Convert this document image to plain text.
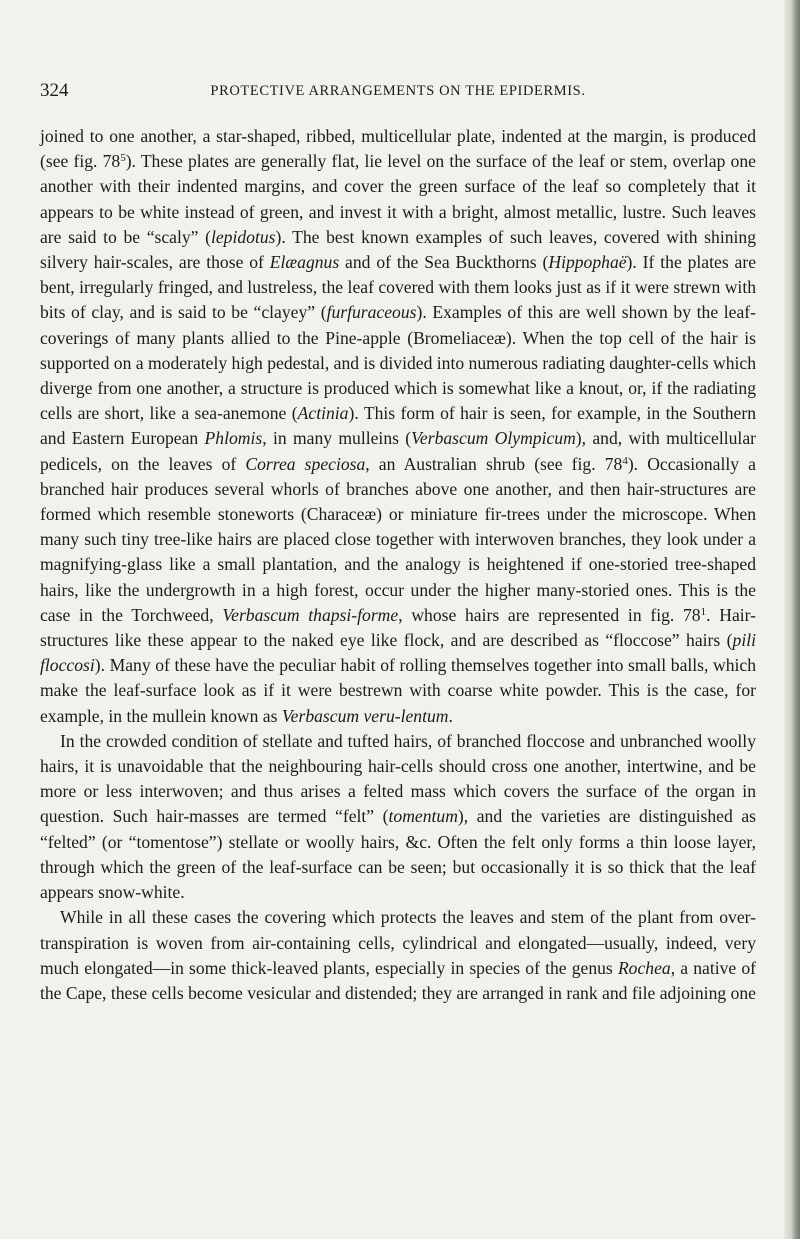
324	PROTECTIVE ARRANGEMENTS ON THE EPIDERMIS.

joined to one another, a star-shaped, ribbed, multicellular plate, indented at the margin, is produced (see fig. $78^5$). These plates are generally flat, lie level on the surface of the leaf or stem, overlap one another with their indented margins, and cover the green surface of the leaf so completely that it appears to be white instead of green, and invest it with a bright, almost metallic, lustre. Such leaves are said to be “scaly” (lepidotus). The best known examples of such leaves, covered with shining silvery hair-scales, are those of Elæagnus and of the Sea Buckthorns (Hippophaë). If the plates are bent, irregularly fringed, and lustreless, the leaf covered with them looks just as if it were strewn with bits of clay, and is said to be “clayey” (furfuraceous). Examples of this are well shown by the leaf-coverings of many plants allied to the Pine-apple (Bromeliaceæ). When the top cell of the hair is supported on a moderately high pedestal, and is divided into numerous radiating daughter-cells which diverge from one another, a structure is produced which is somewhat like a knout, or, if the radiating cells are short, like a sea-anemone (Actinia). This form of hair is seen, for example, in the Southern and Eastern European Phlomis, in many mulleins (Verbascum Olympicum), and, with multicellular pedicels, on the leaves of Correa speciosa, an Australian shrub (see fig. $78^4$). Occasionally a branched hair produces several whorls of branches above one another, and then hair-structures are formed which resemble stoneworts (Characeæ) or miniature fir-trees under the microscope. When many such tiny tree-like hairs are placed close together with interwoven branches, they look under a magnifying-glass like a small plantation, and the analogy is heightened if one-storied tree-shaped hairs, like the undergrowth in a high forest, occur under the higher many-storied ones. This is the case in the Torchweed, Verbascum thapsi-forme, whose hairs are represented in fig. $78^1$. Hair-structures like these appear to the naked eye like flock, and are described as “floccose” hairs (pili floccosi). Many of these have the peculiar habit of rolling themselves together into small balls, which make the leaf-surface look as if it were bestrewn with coarse white powder. This is the case, for example, in the mullein known as Verbascum veru-lentum.

In the crowded condition of stellate and tufted hairs, of branched floccose and unbranched woolly hairs, it is unavoidable that the neighbouring hair-cells should cross one another, intertwine, and be more or less interwoven; and thus arises a felted mass which covers the surface of the organ in question. Such hair-masses are termed “felt” (tomentum), and the varieties are distinguished as “felted” (or “tomentose”) stellate or woolly hairs, &c. Often the felt only forms a thin loose layer, through which the green of the leaf-surface can be seen; but occasionally it is so thick that the leaf appears snow-white.

While in all these cases the covering which protects the leaves and stem of the plant from over-transpiration is woven from air-containing cells, cylindrical and elongated—usually, indeed, very much elongated—in some thick-leaved plants, especially in species of the genus Rochea, a native of the Cape, these cells become vesicular and distended; they are arranged in rank and file adjoining one
